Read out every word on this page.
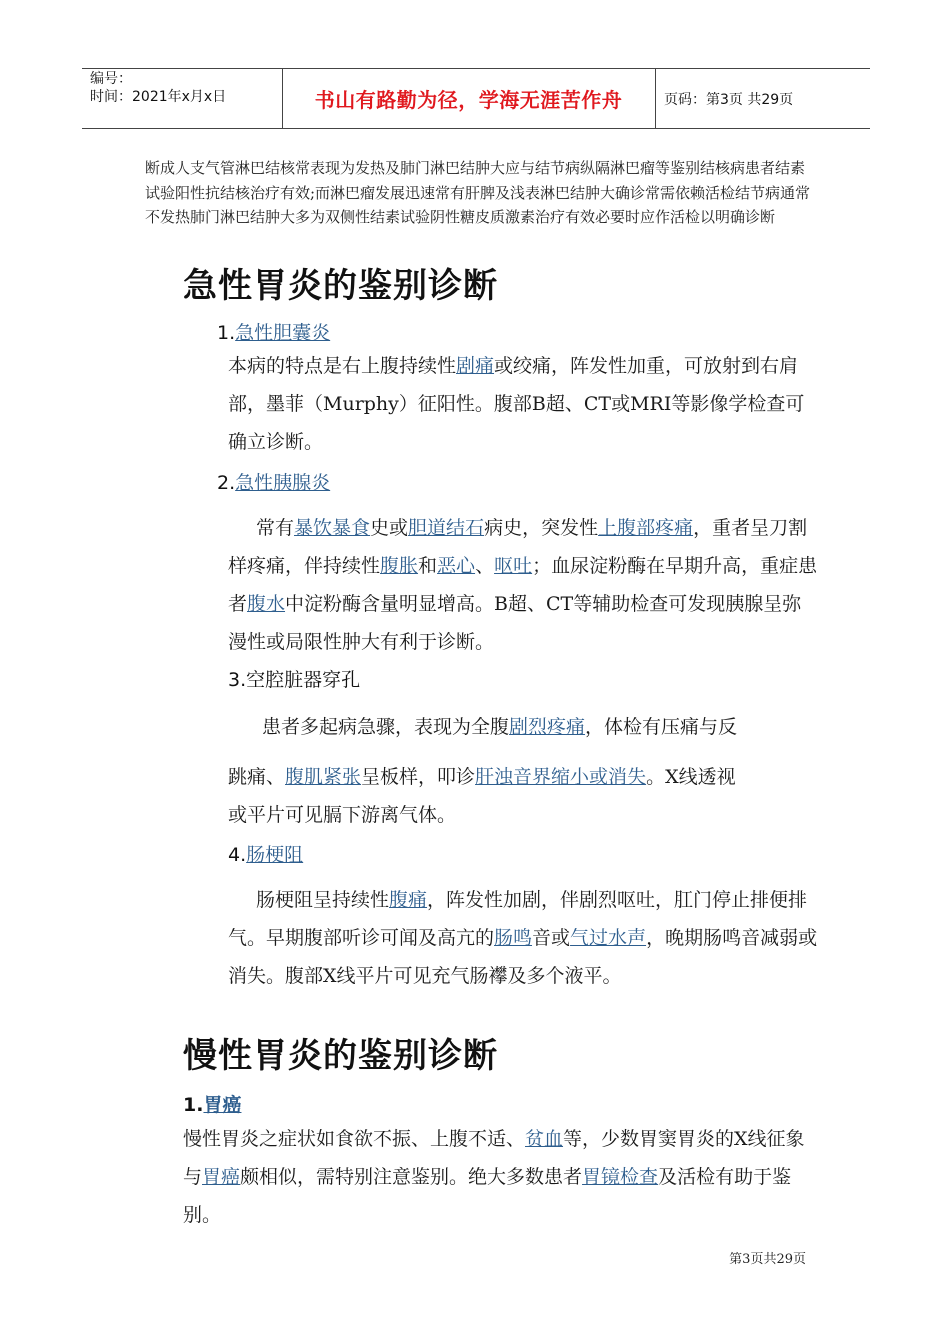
编号：
时间：2021年x月x日	书山有路勤为径，学海无涯苦作舟	页码：第3页 共29页
断成人支气管淋巴结核常表现为发热及肺门淋巴结肿大应与结节病纵隔淋巴瘤等鉴别结核病患者结素试验阳性抗结核治疗有效;而淋巴瘤发展迅速常有肝脾及浅表淋巴结肿大确诊常需依赖活检结节病通常不发热肺门淋巴结肿大多为双侧性结素试验阴性糖皮质激素治疗有效必要时应作活检以明确诊断
急性胃炎的鉴别诊断
1.急性胆囊炎
本病的特点是右上腹持续性剧痛或绞痛，阵发性加重，可放射到右肩部，墨菲（Murphy）征阳性。腹部B超、CT或MRI等影像学检查可确立诊断。
2.急性胰腺炎
常有暴饮暴食史或胆道结石病史，突发性上腹部疼痛，重者呈刀割样疼痛，伴持续性腹胀和恶心、呕吐；血尿淀粉酶在早期升高，重症患者腹水中淀粉酶含量明显增高。B超、CT等辅助检查可发现胰腺呈弥漫性或局限性肿大有利于诊断。
3.空腔脏器穿孔
患者多起病急骤，表现为全腹剧烈疼痛，体检有压痛与反
跳痛、腹肌紧张呈板样，叩诊肝浊音界缩小或消失。X线透视
或平片可见膈下游离气体。
4.肠梗阻
肠梗阻呈持续性腹痛，阵发性加剧，伴剧烈呕吐，肛门停止排便排气。早期腹部听诊可闻及高亢的肠鸣音或气过水声，晚期肠鸣音减弱或消失。腹部X线平片可见充气肠襻及多个液平。
慢性胃炎的鉴别诊断
1.胃癌
慢性胃炎之症状如食欲不振、上腹不适、贫血等，少数胃窦胃炎的X线征象与胃癌颇相似，需特别注意鉴别。绝大多数患者胃镜检查及活检有助于鉴别。
第3页共29页
